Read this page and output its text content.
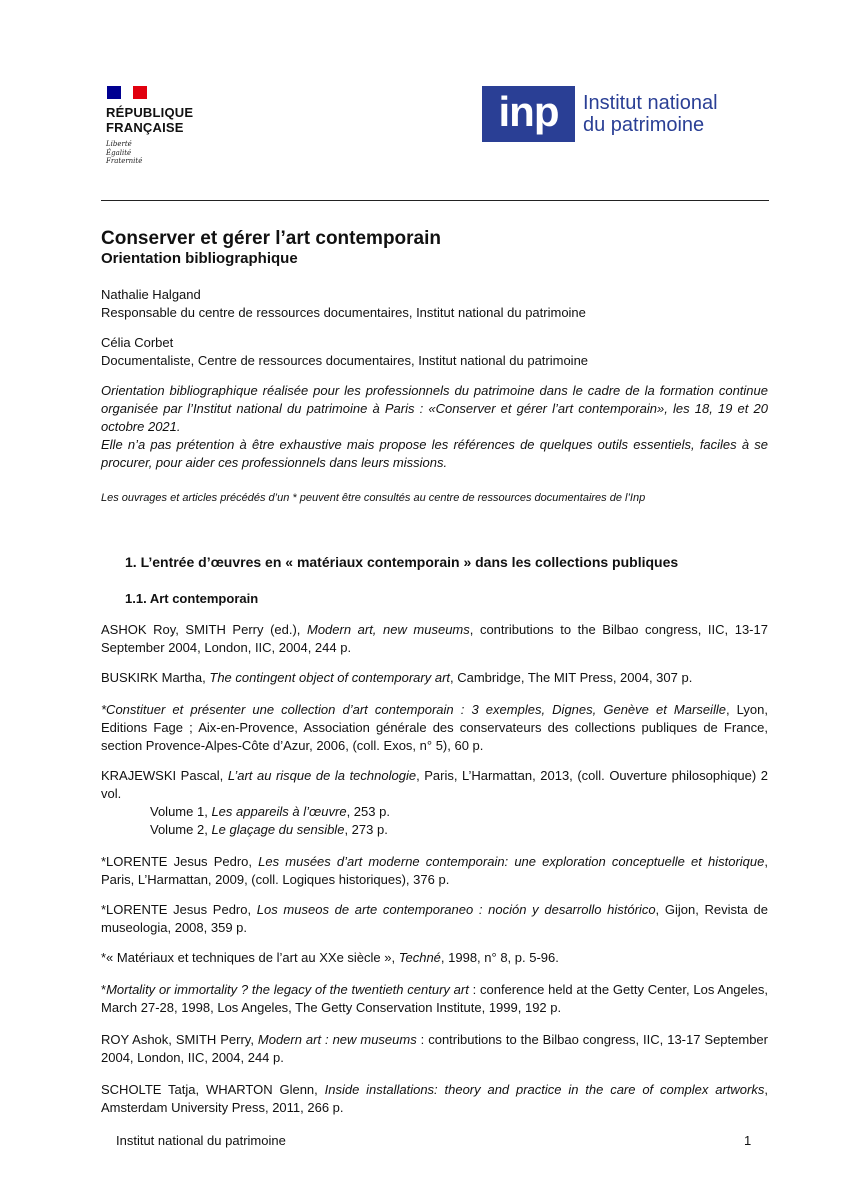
RÉPUBLIQUE
FRANÇAISE
Liberté
Égalité
Fraternité
inp	Institut national
du patrimoine
Conserver et gérer l’art contemporain
Orientation bibliographique
Nathalie Halgand
Responsable du centre de ressources documentaires, Institut national du patrimoine
Célia Corbet
Documentaliste, Centre de ressources documentaires, Institut national du patrimoine
Orientation bibliographique réalisée pour les professionnels du patrimoine dans le cadre de la formation continue organisée par l’Institut national du patrimoine à Paris : «Conserver et gérer l’art contemporain», les 18, 19 et 20 octobre 2021.
Elle n’a pas prétention à être exhaustive mais propose les références de quelques outils essentiels, faciles à se procurer, pour aider ces professionnels dans leurs missions.
Les ouvrages et articles précédés d’un * peuvent être consultés au centre de ressources documentaires de l’Inp
1. L’entrée d’œuvres en « matériaux contemporain » dans les collections publiques
1.1. Art contemporain
ASHOK Roy, SMITH Perry (ed.), Modern art, new museums, contributions to the Bilbao congress, IIC, 13-17 September 2004, London, IIC, 2004, 244 p.
BUSKIRK Martha, The contingent object of contemporary art, Cambridge, The MIT Press, 2004, 307 p.
*Constituer et présenter une collection d’art contemporain : 3 exemples, Dignes, Genève et Marseille, Lyon, Editions Fage ; Aix-en-Provence, Association générale des conservateurs des collections publiques de France, section Provence-Alpes-Côte d’Azur, 2006, (coll. Exos, n° 5), 60 p.
KRAJEWSKI Pascal, L’art au risque de la technologie, Paris, L’Harmattan, 2013, (coll. Ouverture philosophique) 2 vol.
Volume 1, Les appareils à l’œuvre, 253 p.
Volume 2, Le glaçage du sensible, 273 p.
*LORENTE Jesus Pedro, Les musées d’art moderne contemporain: une exploration conceptuelle et historique, Paris, L’Harmattan, 2009, (coll. Logiques historiques), 376 p.
*LORENTE Jesus Pedro, Los museos de arte contemporaneo : noción y desarrollo histórico, Gijon, Revista de museologia, 2008, 359 p.
*« Matériaux et techniques de l’art au XXe siècle », Techné, 1998, n° 8, p. 5-96.
*Mortality or immortality ? the legacy of the twentieth century art : conference held at the Getty Center, Los Angeles, March 27-28, 1998, Los Angeles, The Getty Conservation Institute, 1999, 192 p.
ROY Ashok, SMITH Perry, Modern art : new museums : contributions to the Bilbao congress, IIC, 13-17 September 2004, London, IIC, 2004, 244 p.
SCHOLTE Tatja, WHARTON Glenn, Inside installations: theory and practice in the care of complex artworks, Amsterdam University Press, 2011, 266 p.
Institut national du patrimoine	1
